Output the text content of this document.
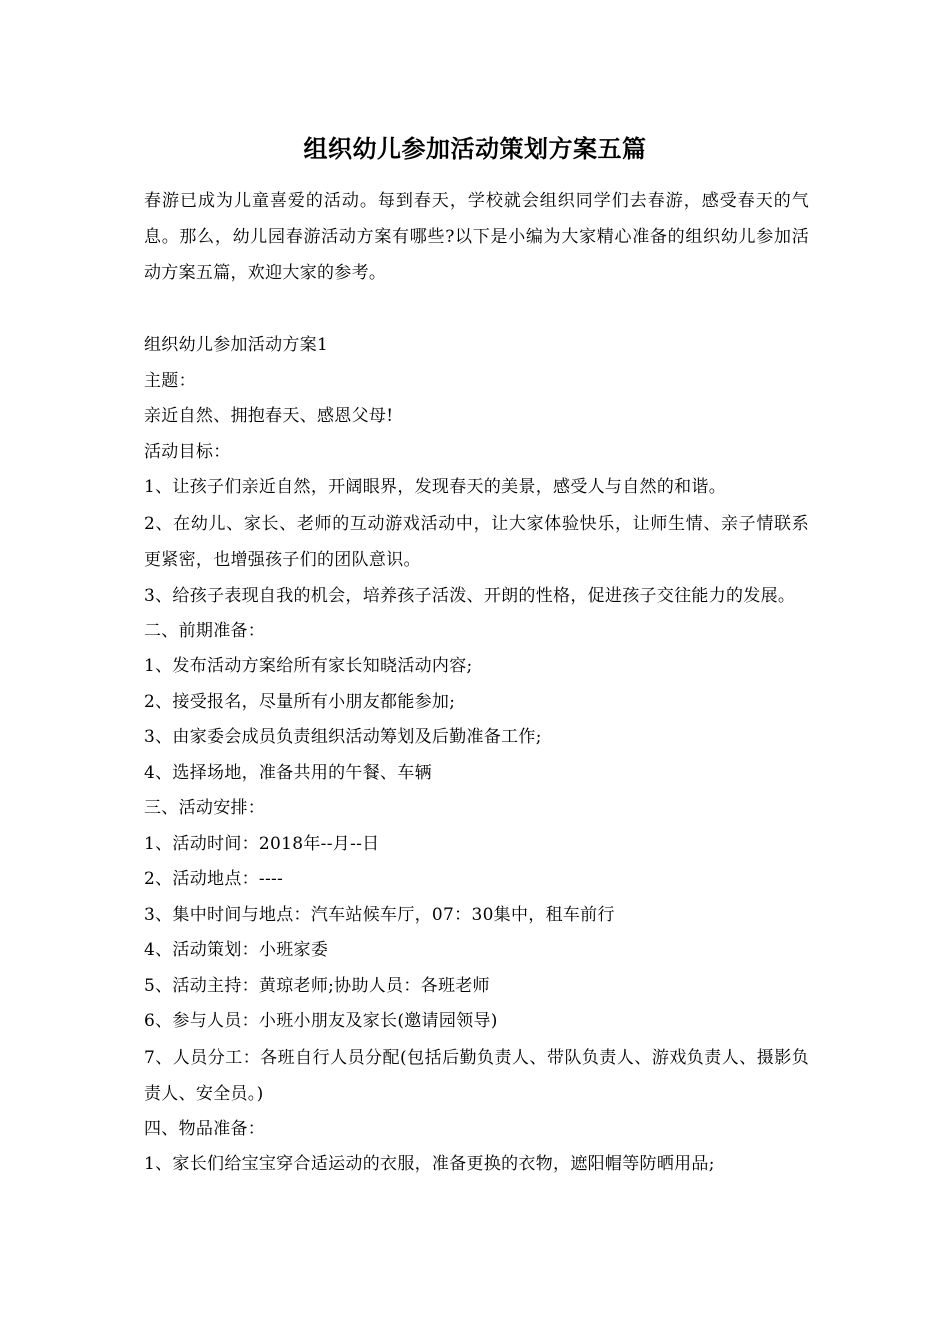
组织幼儿参加活动策划方案五篇
春游已成为儿童喜爱的活动。每到春天，学校就会组织同学们去春游，感受春天的气息。那么，幼儿园春游活动方案有哪些?以下是小编为大家精心准备的组织幼儿参加活动方案五篇，欢迎大家的参考。

组织幼儿参加活动方案1

主题：

亲近自然、拥抱春天、感恩父母!

活动目标：

1、让孩子们亲近自然，开阔眼界，发现春天的美景，感受人与自然的和谐。

2、在幼儿、家长、老师的互动游戏活动中，让大家体验快乐，让师生情、亲子情联系更紧密，也增强孩子们的团队意识。

3、给孩子表现自我的机会，培养孩子活泼、开朗的性格，促进孩子交往能力的发展。

二、前期准备：

1、发布活动方案给所有家长知晓活动内容;

2、接受报名，尽量所有小朋友都能参加;

3、由家委会成员负责组织活动筹划及后勤准备工作;

4、选择场地，准备共用的午餐、车辆

三、活动安排：

1、活动时间：2018年--月--日

2、活动地点：----

3、集中时间与地点：汽车站候车厅，07：30集中，租车前行

4、活动策划：小班家委

5、活动主持：黄琼老师;协助人员：各班老师

6、参与人员：小班小朋友及家长(邀请园领导)

7、人员分工：各班自行人员分配(包括后勤负责人、带队负责人、游戏负责人、摄影负责人、安全员。)

四、物品准备：

1、家长们给宝宝穿合适运动的衣服，准备更换的衣物，遮阳帽等防晒用品;
